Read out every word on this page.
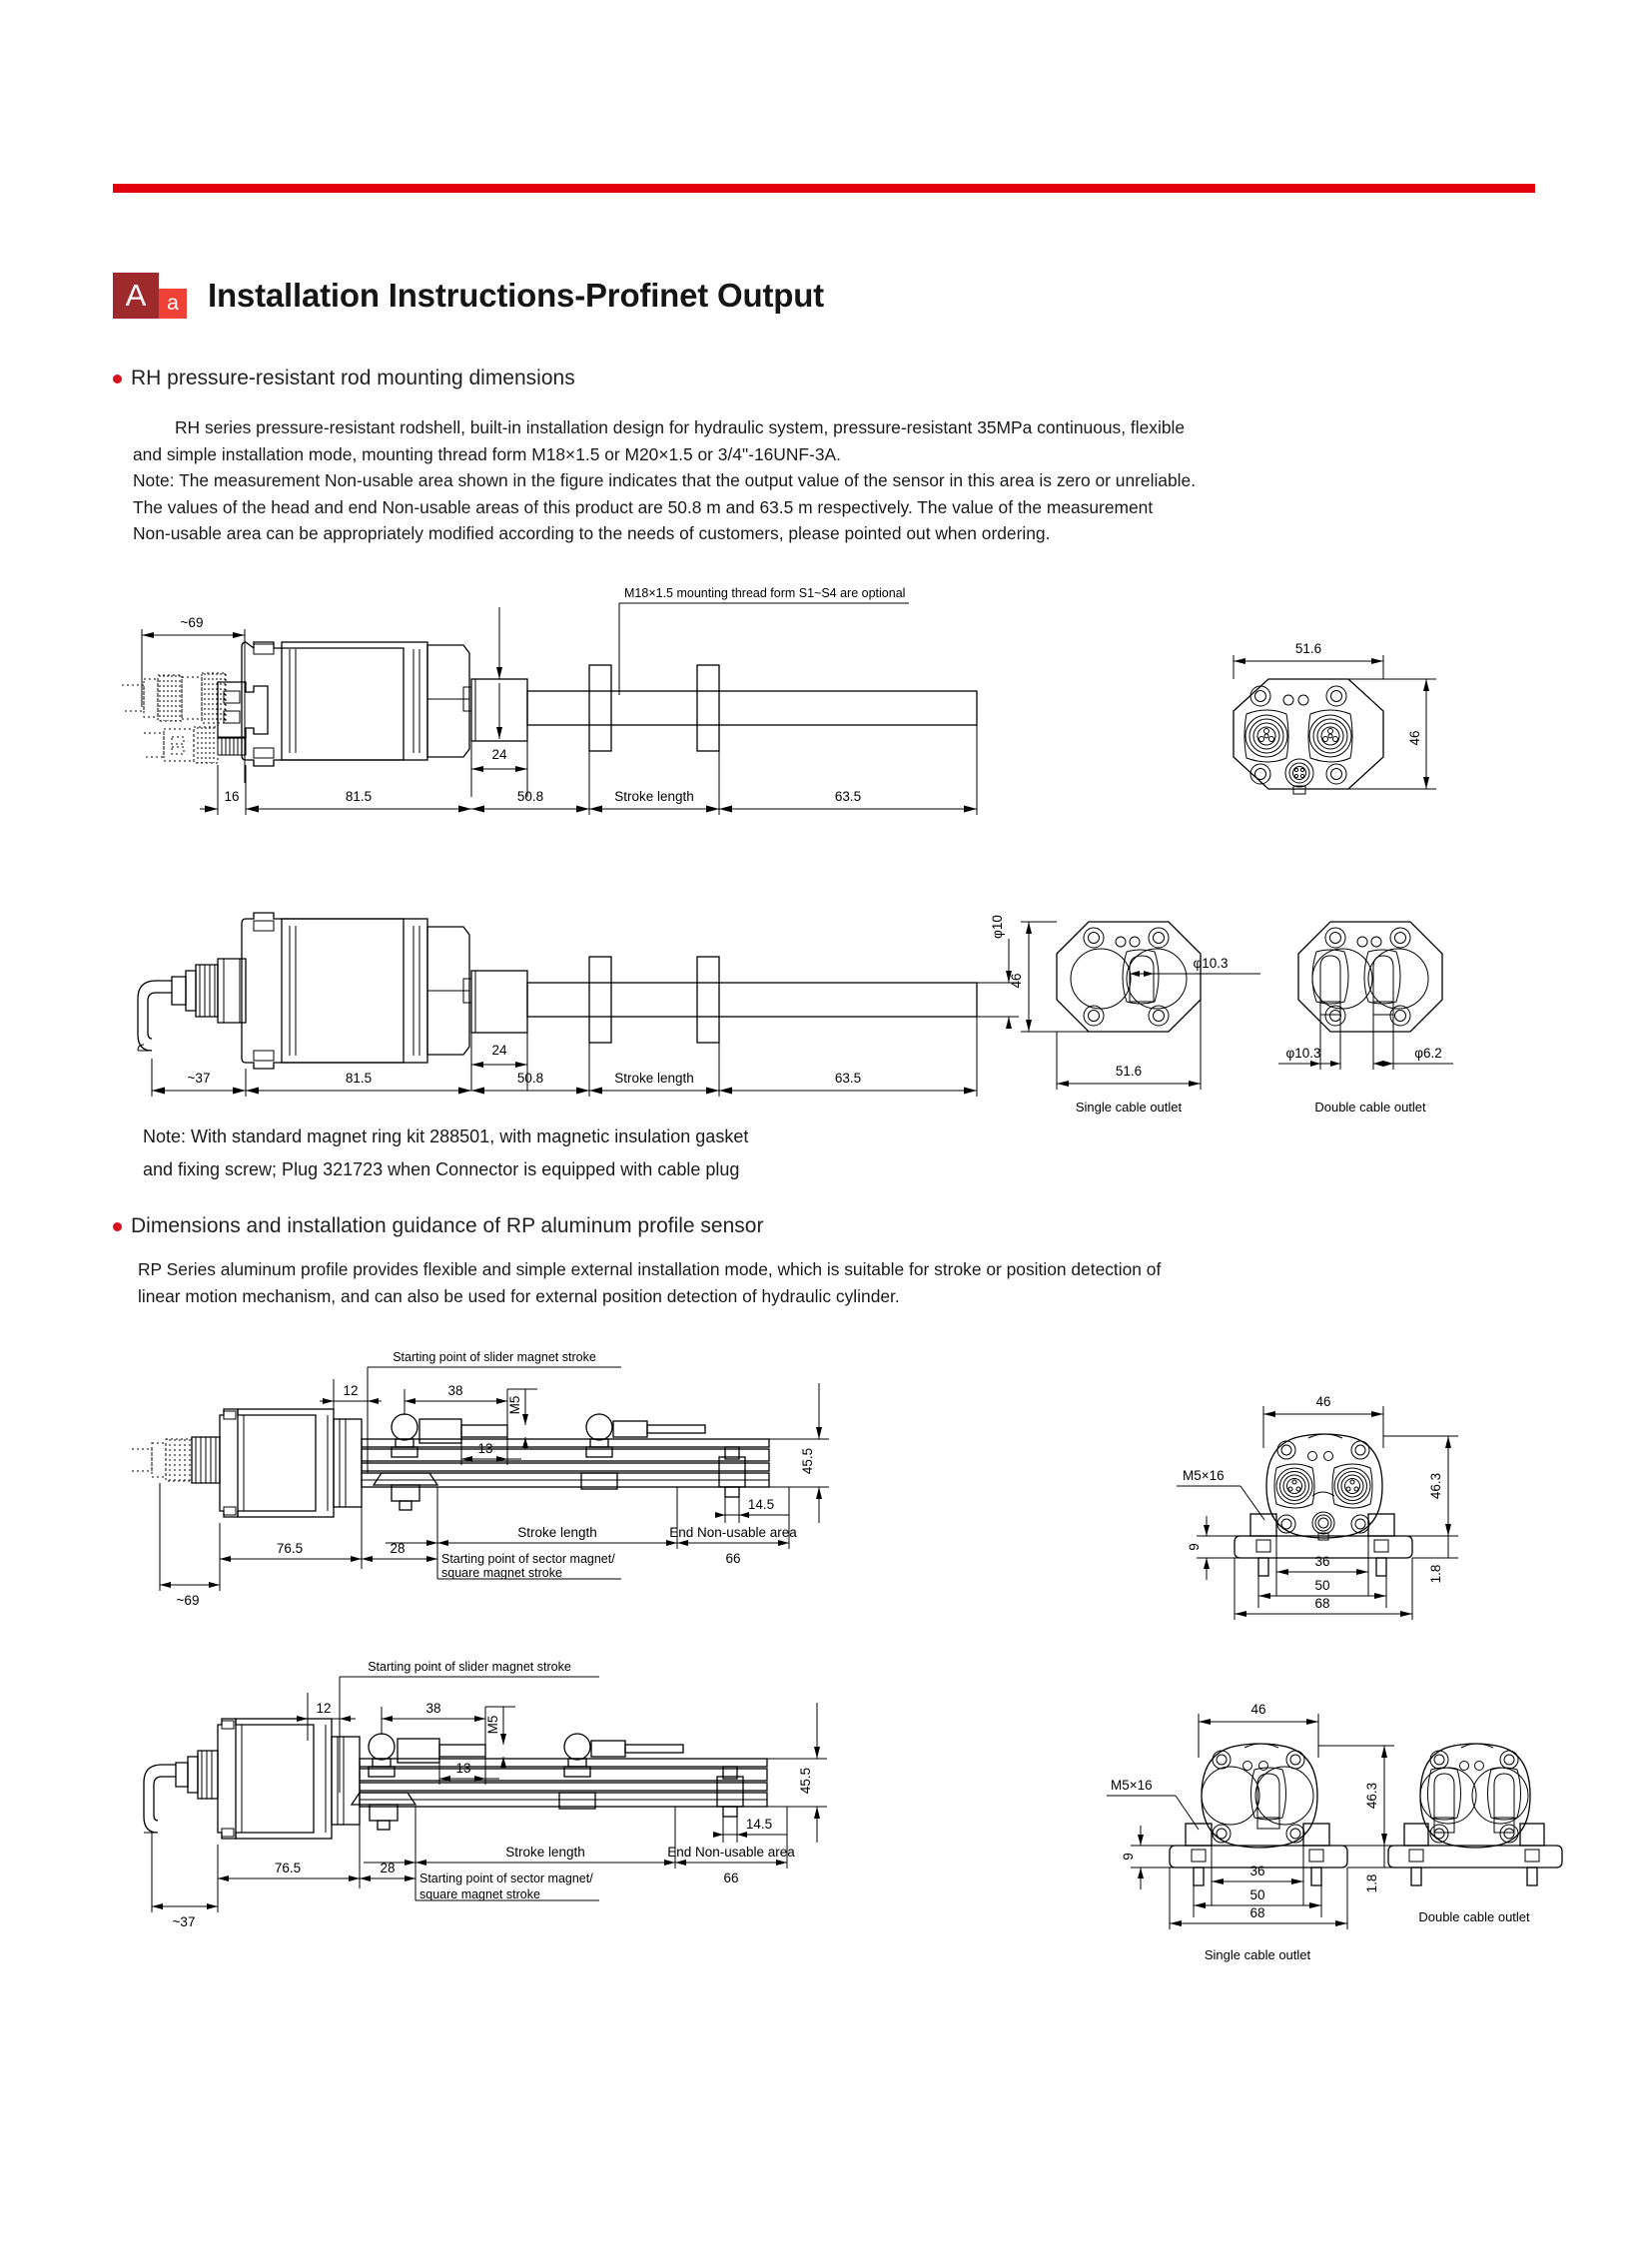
A a Installation Instructions-Profinet Output
RH pressure-resistant rod mounting dimensions
RH series pressure-resistant rodshell, built-in installation design for hydraulic system, pressure-resistant 35MPa continuous, flexible
and simple installation mode, mounting thread form M18×1.5 or M20×1.5 or 3/4"-16UNF-3A.
Note: The measurement Non-usable area shown in the figure indicates that the output value of the sensor in this area is zero or unreliable.
The values of the head and end Non-usable areas of this product are 50.8 m and 63.5 m respectively. The value of the measurement
Non-usable area can be appropriately modified according to the needs of customers, please pointed out when ordering.
M18×1.5 mounting thread form S1~S4 are optional
~69
24
16	81.5	50.8	Stroke length	63.5
51.6
46
φ10
24
~37	81.5	50.8	Stroke length	63.5
φ10.3
46
51.6
Single cable outlet
φ10.3	φ6.2
Double cable outlet
Note: With standard magnet ring kit 288501, with magnetic insulation gasket
and fixing screw; Plug 321723 when Connector is equipped with cable plug
Dimensions and installation guidance of RP aluminum profile sensor
RP Series aluminum profile provides flexible and simple external installation mode, which is suitable for stroke or position detection of
linear motion mechanism, and can also be used for external position detection of hydraulic cylinder.
Starting point of slider magnet stroke
45.5
12	38
M5
13
14.5
Stroke length	End Non-usable area
66
Starting point of sector magnet/
square magnet stroke
76.5	28
~69
46
M5×16
9
46.3
1.8
36
50
68
Starting point of slider magnet stroke
45.5
12	38
M5
13
14.5
Stroke length	End Non-usable area
66
Starting point of sector magnet/
square magnet stroke
76.5	28
~37
46
M5×16
9
46.3
1.8
36
50
68
Single cable outlet
Double cable outlet
